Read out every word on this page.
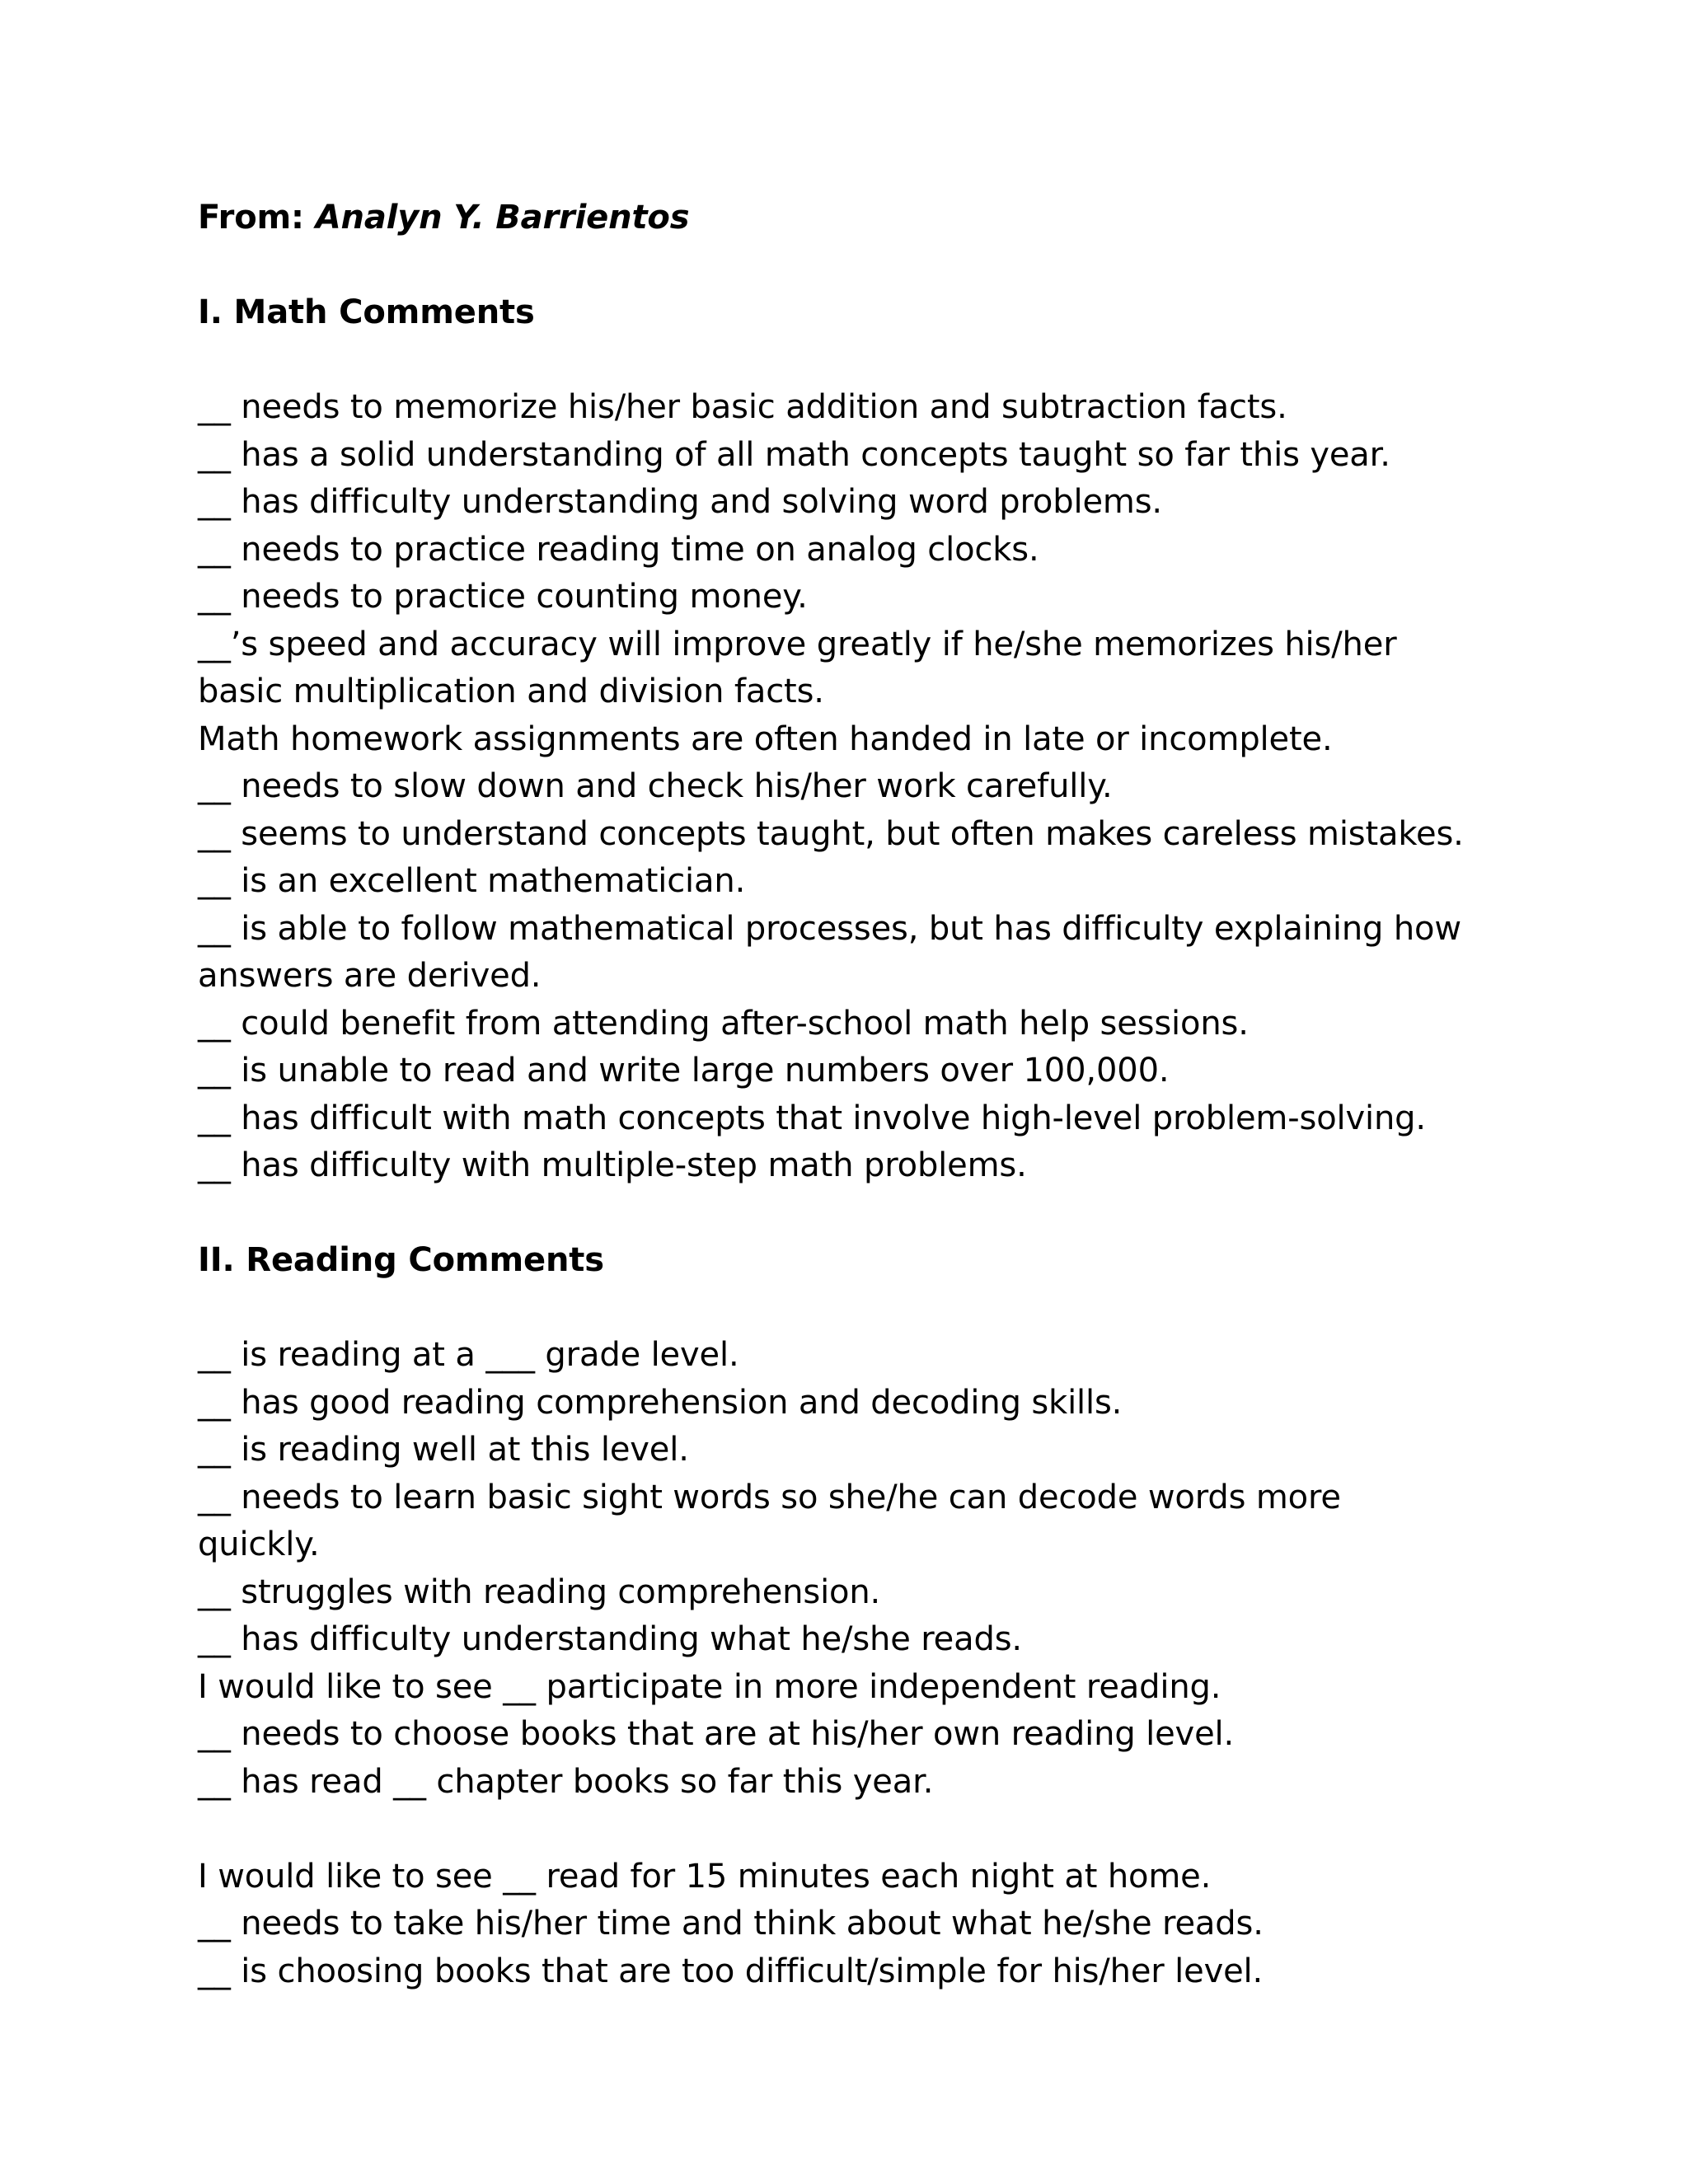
From: Analyn Y. Barrientos

I. Math Comments
__ needs to memorize his/her basic addition and subtraction facts.
__ has a solid understanding of all math concepts taught so far this year.
__ has difficulty understanding and solving word problems.
__ needs to practice reading time on analog clocks.
__ needs to practice counting money.
__’s speed and accuracy will improve greatly if he/she memorizes his/her basic multiplication and division facts.
Math homework assignments are often handed in late or incomplete.
__ needs to slow down and check his/her work carefully.
__ seems to understand concepts taught, but often makes careless mistakes.
__ is an excellent mathematician.
__ is able to follow mathematical processes, but has difficulty explaining how answers are derived.
__ could benefit from attending after-school math help sessions.
__ is unable to read and write large numbers over 100,000.
__ has difficult with math concepts that involve high-level problem-solving.
__ has difficulty with multiple-step math problems.
II. Reading Comments
__ is reading at a ___ grade level.
__ has good reading comprehension and decoding skills.
__ is reading well at this level.
__ needs to learn basic sight words so she/he can decode words more quickly.
__ struggles with reading comprehension.
__ has difficulty understanding what he/she reads.
I would like to see __ participate in more independent reading.
__ needs to choose books that are at his/her own reading level.
__ has read __ chapter books so far this year.
I would like to see __ read for 15 minutes each night at home.
__ needs to take his/her time and think about what he/she reads.
__ is choosing books that are too difficult/simple for his/her level.
